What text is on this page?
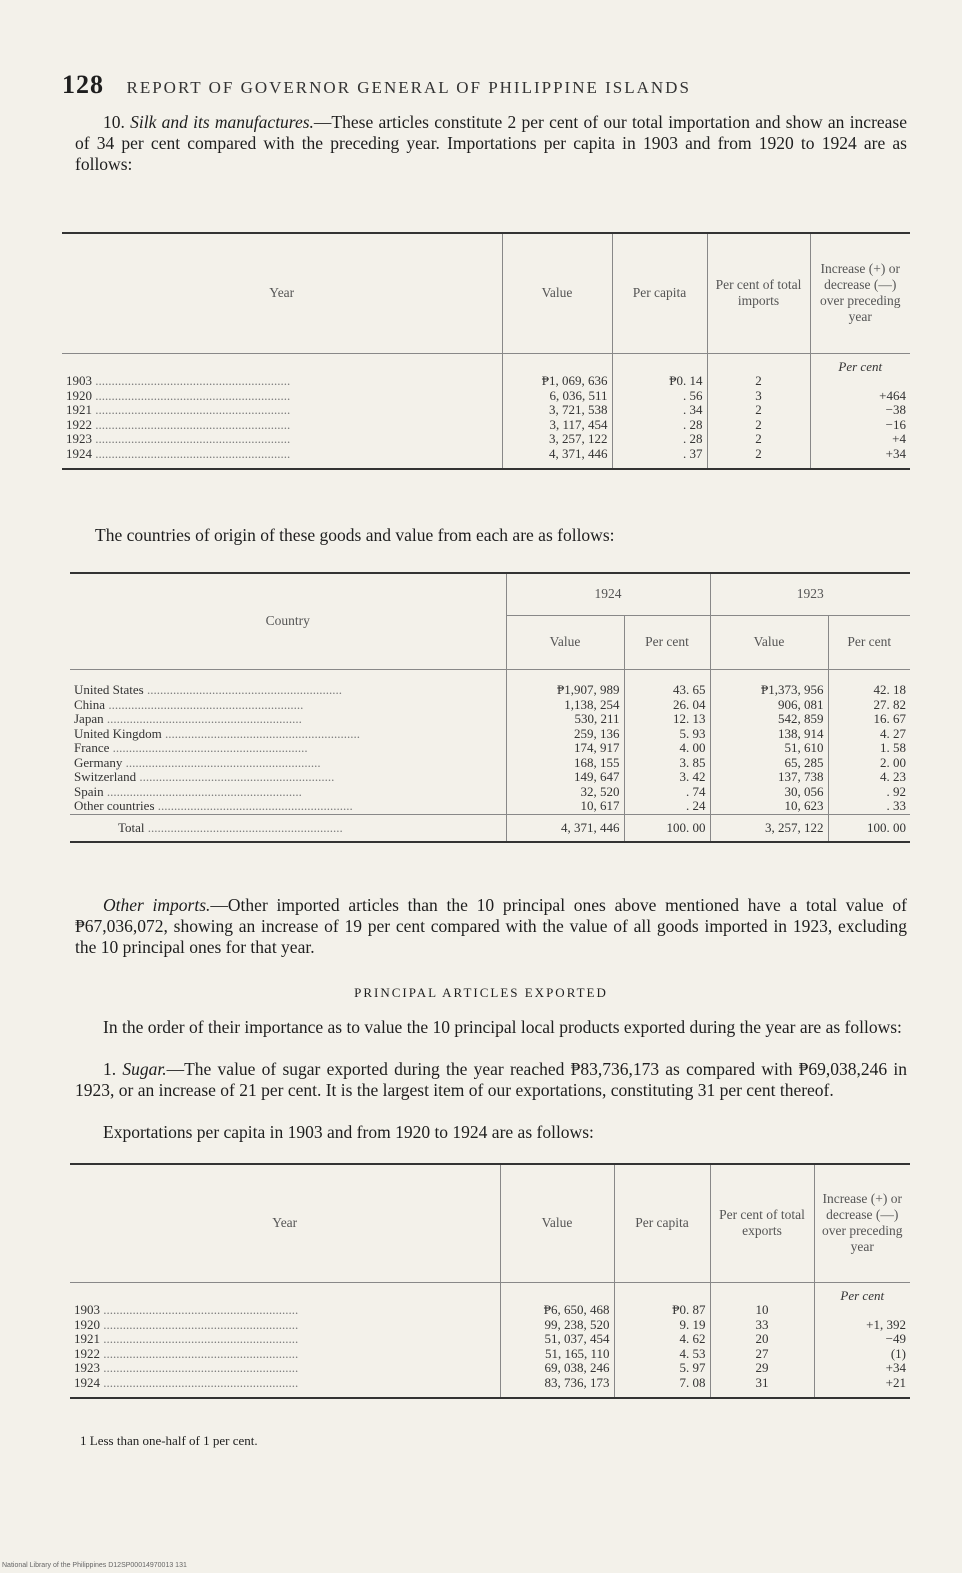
128 REPORT OF GOVERNOR GENERAL OF PHILIPPINE ISLANDS

10. Silk and its manufactures.—These articles constitute 2 per cent of our total importation and show an increase of 34 per cent compared with the preceding year. Importations per capita in 1903 and from 1920 to 1924 are as follows:

Year	Value	Per capita	Per cent of total imports	Increase (+) or decrease (—) over preceding year
				Per cent
1903 ............................................................	₱1, 069, 636	₱0. 14	2	
1920 ............................................................	6, 036, 511	. 56	3	+464
1921 ............................................................	3, 721, 538	. 34	2	−38
1922 ............................................................	3, 117, 454	. 28	2	−16
1923 ............................................................	3, 257, 122	. 28	2	+4
1924 ............................................................	4, 371, 446	. 37	2	+34

The countries of origin of these goods and value from each are as follows:

Country	1924		1923	
	Value	Per cent	Value	Per cent

United States ............................................................	₱1,907, 989	43. 65	₱1,373, 956	42. 18
China ............................................................	1,138, 254	26. 04	906, 081	27. 82
Japan ............................................................	530, 211	12. 13	542, 859	16. 67
United Kingdom ............................................................	259, 136	5. 93	138, 914	4. 27
France ............................................................	174, 917	4. 00	51, 610	1. 58
Germany ............................................................	168, 155	3. 85	65, 285	2. 00
Switzerland ............................................................	149, 647	3. 42	137, 738	4. 23
Spain ............................................................	32, 520	. 74	30, 056	. 92
Other countries ............................................................	10, 617	. 24	10, 623	. 33
Total ............................................................	4, 371, 446	100. 00	3, 257, 122	100. 00

Other imports.—Other imported articles than the 10 principal ones above mentioned have a total value of ₱67,036,072, showing an increase of 19 per cent compared with the value of all goods imported in 1923, excluding the 10 principal ones for that year.

PRINCIPAL ARTICLES EXPORTED

In the order of their importance as to value the 10 principal local products exported during the year are as follows:

1. Sugar.—The value of sugar exported during the year reached ₱83,736,173 as compared with ₱69,038,246 in 1923, or an increase of 21 per cent. It is the largest item of our exportations, constituting 31 per cent thereof.

Exportations per capita in 1903 and from 1920 to 1924 are as follows:

Year	Value	Per capita	Per cent of total exports	Increase (+) or decrease (—) over preceding year
				Per cent
1903 ............................................................	₱6, 650, 468	₱0. 87	10	
1920 ............................................................	99, 238, 520	9. 19	33	+1, 392
1921 ............................................................	51, 037, 454	4. 62	20	−49
1922 ............................................................	51, 165, 110	4. 53	27	(1)
1923 ............................................................	69, 038, 246	5. 97	29	+34
1924 ............................................................	83, 736, 173	7. 08	31	+21

1 Less than one-half of 1 per cent.
National Library of the Philippines D12SP00014970013 131
